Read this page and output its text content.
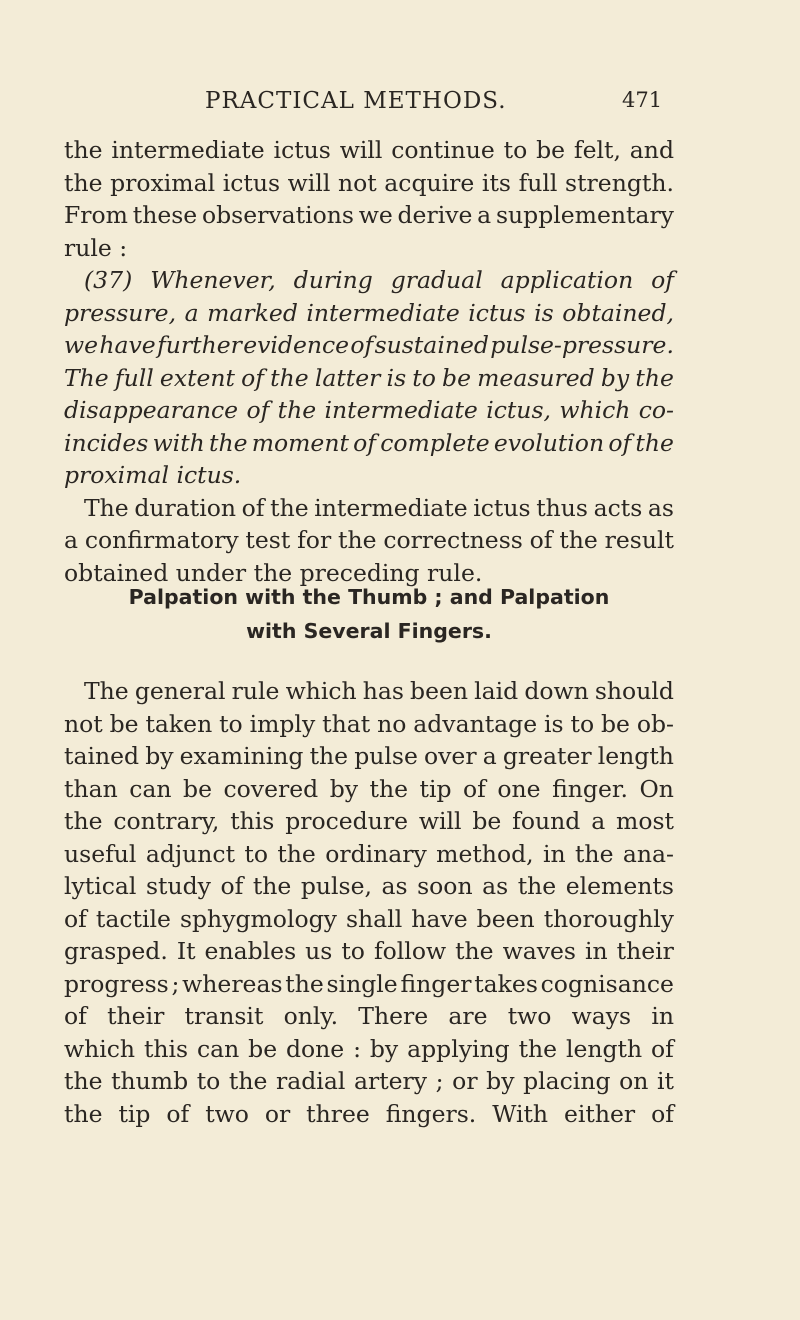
PRACTICAL METHODS.	471
the intermediate ictus will continue to be felt, and
the proximal ictus will not acquire its full strength.
From these observations we derive a supplementary
rule :
(37) Whenever, during gradual application of
pressure, a marked intermediate ictus is obtained,
we have further evidence of sustained pulse-pressure.
The full extent of the latter is to be measured by the
disappearance of the intermediate ictus, which co-
incides with the moment of complete evolution of the
proximal ictus.
The duration of the intermediate ictus thus acts as
a confirmatory test for the correctness of the result
obtained under the preceding rule.
Palpation with the Thumb ; and Palpation
with Several Fingers.
The general rule which has been laid down should
not be taken to imply that no advantage is to be ob-
tained by examining the pulse over a greater length
than can be covered by the tip of one finger. On
the contrary, this procedure will be found a most
useful adjunct to the ordinary method, in the ana-
lytical study of the pulse, as soon as the elements
of tactile sphygmology shall have been thoroughly
grasped. It enables us to follow the waves in their
progress ; whereas the single finger takes cognisance
of their transit only. There are two ways in
which this can be done : by applying the length of
the thumb to the radial artery ; or by placing on it
the tip of two or three fingers. With either of
